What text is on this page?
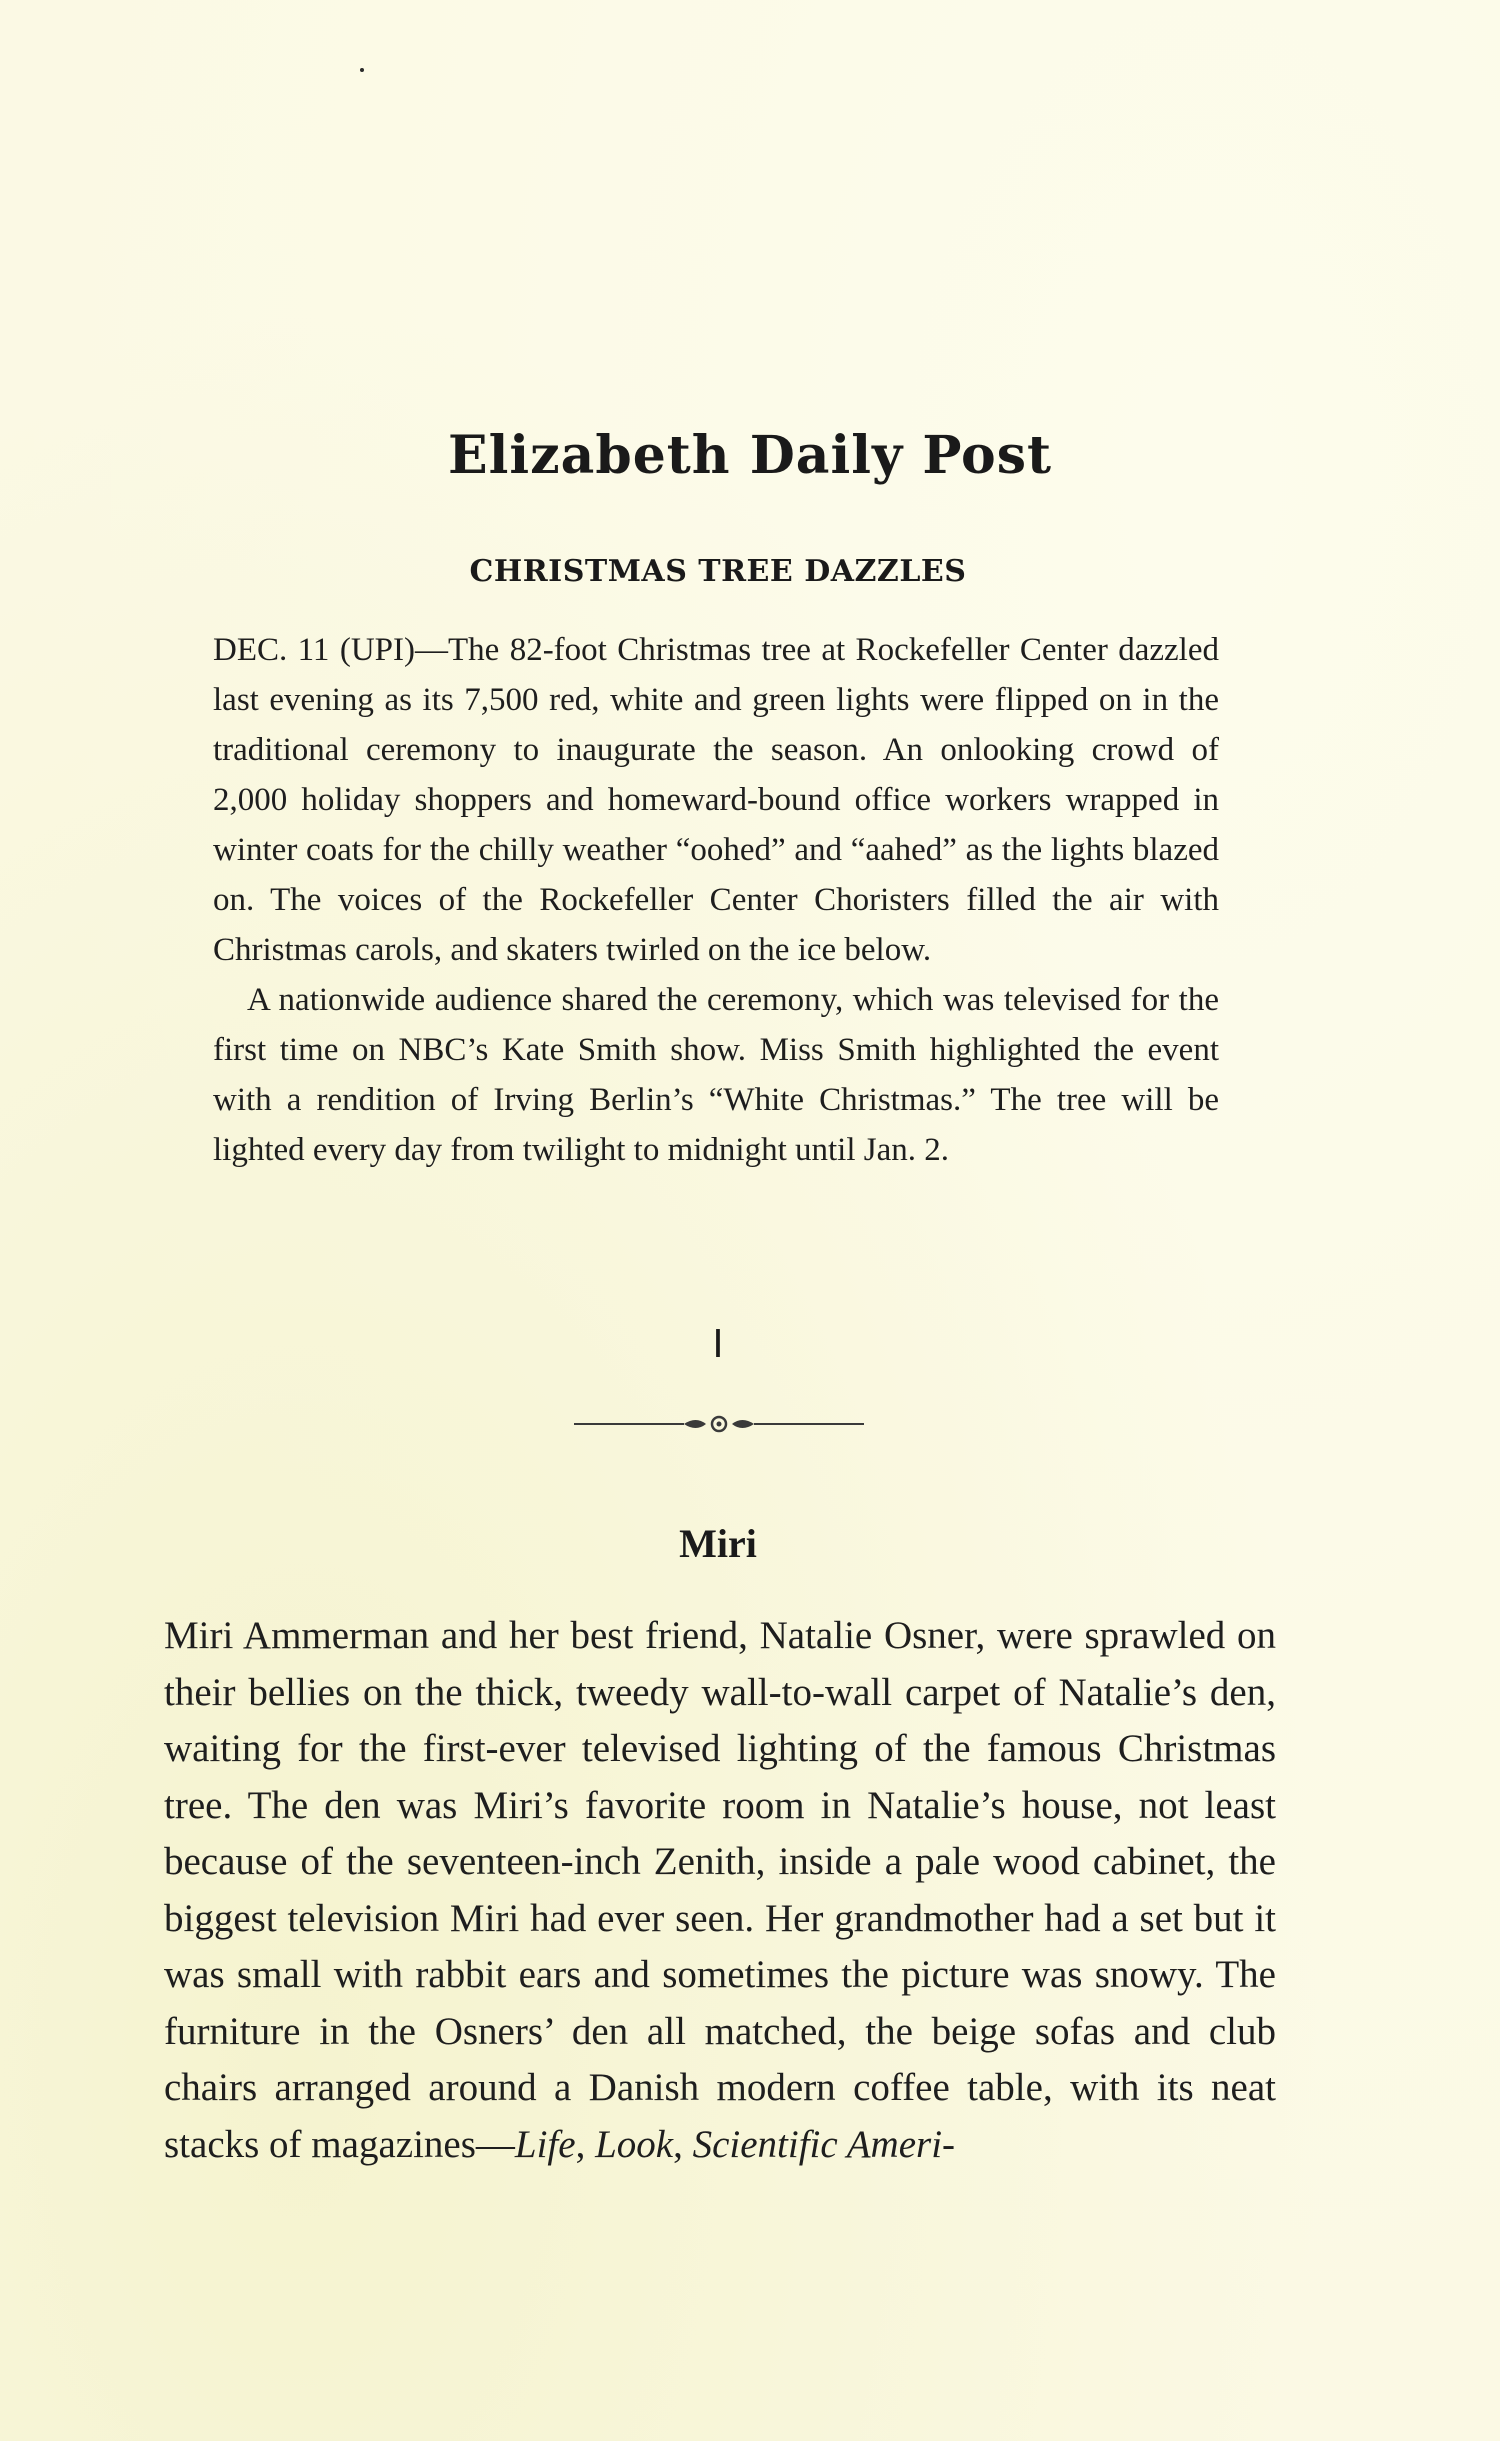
Elizabeth Daily Post
CHRISTMAS TREE DAZZLES

DEC. 11 (UPI)—The 82-foot Christmas tree at Rockefeller Center dazzled last evening as its 7,500 red, white and green lights were flipped on in the traditional ceremony to inaugurate the season. An onlooking crowd of 2,000 holiday shoppers and homeward-bound office workers wrapped in winter coats for the chilly weather “oohed” and “aahed” as the lights blazed on. The voices of the Rockefeller Center Choristers filled the air with Christmas carols, and skaters twirled on the ice below.

A nationwide audience shared the ceremony, which was televised for the first time on NBC’s Kate Smith show. Miss Smith highlighted the event with a rendition of Irving Berlin’s “White Christmas.” The tree will be lighted every day from twilight to midnight until Jan. 2.

I
Miri

Miri Ammerman and her best friend, Natalie Osner, were sprawled on their bellies on the thick, tweedy wall-to-wall carpet of Natalie’s den, waiting for the first-ever televised lighting of the famous Christmas tree. The den was Miri’s favorite room in Natalie’s house, not least because of the seventeen-inch Zenith, inside a pale wood cabinet, the biggest television Miri had ever seen. Her grandmother had a set but it was small with rabbit ears and sometimes the picture was snowy. The furniture in the Osners’ den all matched, the beige sofas and club chairs arranged around a Danish modern coffee table, with its neat stacks of magazines—Life, Look, Scientific Ameri-
